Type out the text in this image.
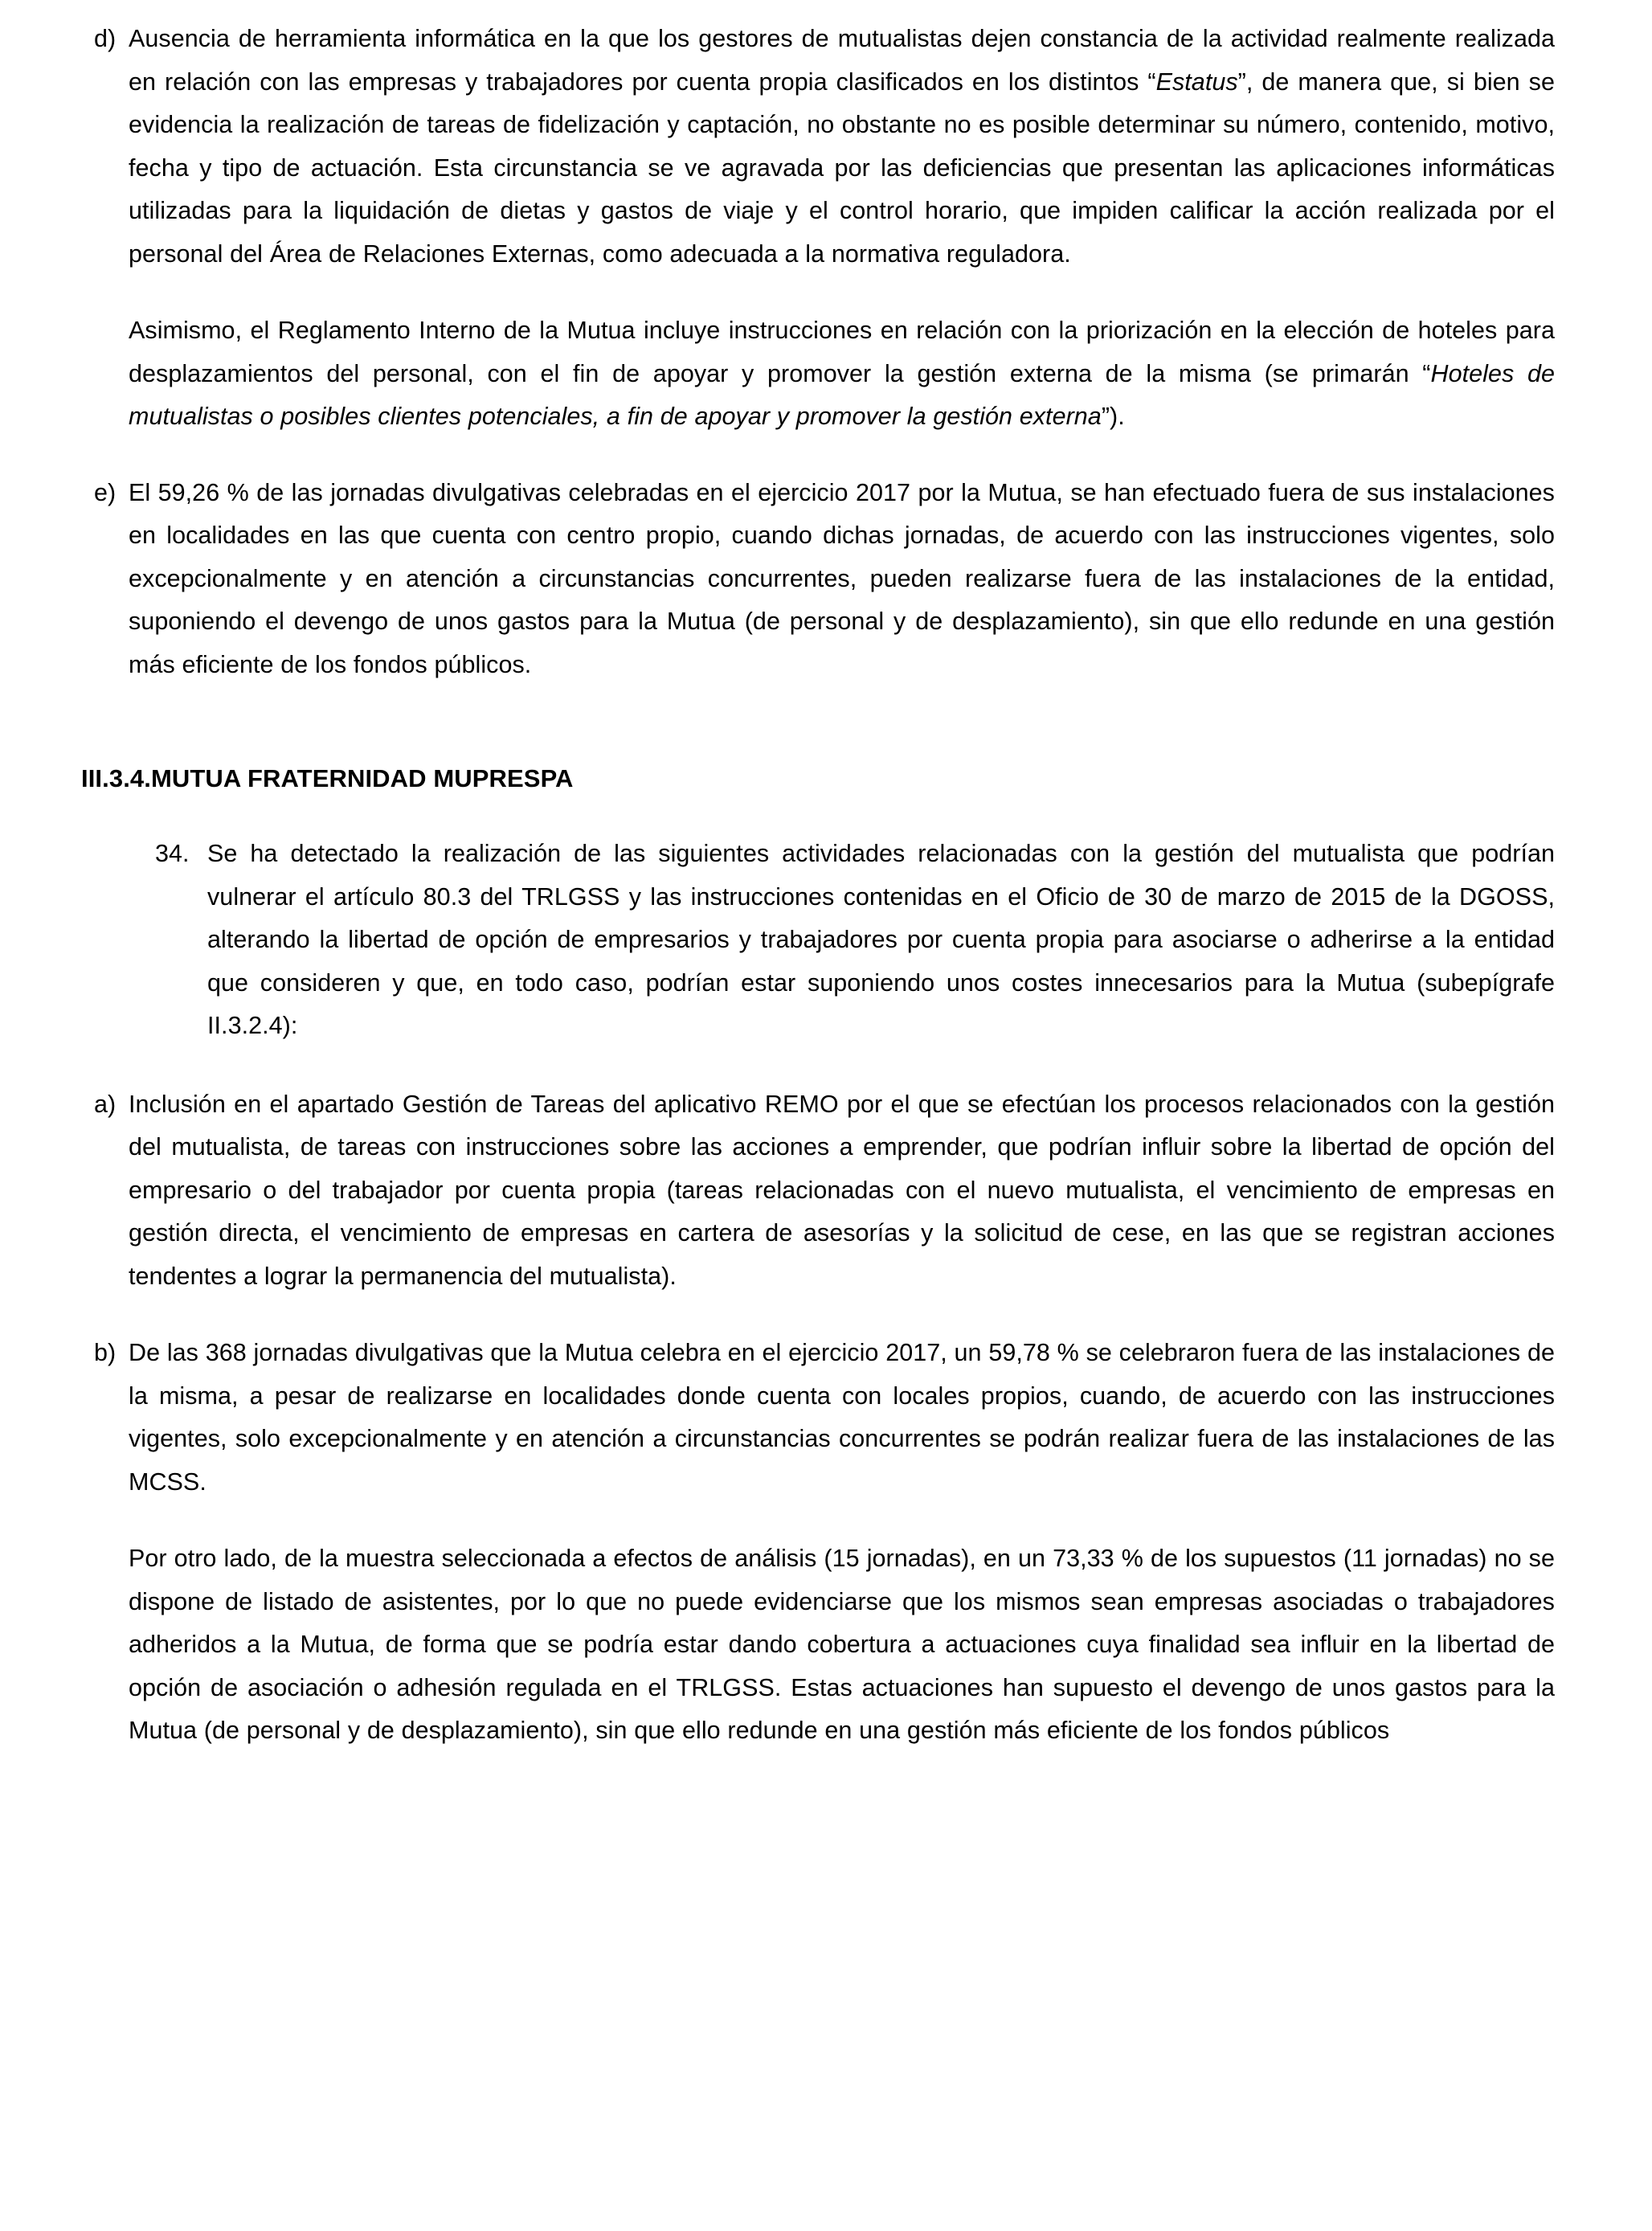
d) Ausencia de herramienta informática en la que los gestores de mutualistas dejen constancia de la actividad realmente realizada en relación con las empresas y trabajadores por cuenta propia clasificados en los distintos “Estatus”, de manera que, si bien se evidencia la realización de tareas de fidelización y captación, no obstante no es posible determinar su número, contenido, motivo, fecha y tipo de actuación. Esta circunstancia se ve agravada por las deficiencias que presentan las aplicaciones informáticas utilizadas para la liquidación de dietas y gastos de viaje y el control horario, que impiden calificar la acción realizada por el personal del Área de Relaciones Externas, como adecuada a la normativa reguladora.

Asimismo, el Reglamento Interno de la Mutua incluye instrucciones en relación con la priorización en la elección de hoteles para desplazamientos del personal, con el fin de apoyar y promover la gestión externa de la misma (se primarán “Hoteles de mutualistas o posibles clientes potenciales, a fin de apoyar y promover la gestión externa”).

e) El 59,26 % de las jornadas divulgativas celebradas en el ejercicio 2017 por la Mutua, se han efectuado fuera de sus instalaciones en localidades en las que cuenta con centro propio, cuando dichas jornadas, de acuerdo con las instrucciones vigentes, solo excepcionalmente y en atención a circunstancias concurrentes, pueden realizarse fuera de las instalaciones de la entidad, suponiendo el devengo de unos gastos para la Mutua (de personal y de desplazamiento), sin que ello redunde en una gestión más eficiente de los fondos públicos.

III.3.4.MUTUA FRATERNIDAD MUPRESPA
34. Se ha detectado la realización de las siguientes actividades relacionadas con la gestión del mutualista que podrían vulnerar el artículo 80.3 del TRLGSS y las instrucciones contenidas en el Oficio de 30 de marzo de 2015 de la DGOSS, alterando la libertad de opción de empresarios y trabajadores por cuenta propia para asociarse o adherirse a la entidad que consideren y que, en todo caso, podrían estar suponiendo unos costes innecesarios para la Mutua (subepígrafe II.3.2.4):

a) Inclusión en el apartado Gestión de Tareas del aplicativo REMO por el que se efectúan los procesos relacionados con la gestión del mutualista, de tareas con instrucciones sobre las acciones a emprender, que podrían influir sobre la libertad de opción del empresario o del trabajador por cuenta propia (tareas relacionadas con el nuevo mutualista, el vencimiento de empresas en gestión directa, el vencimiento de empresas en cartera de asesorías y la solicitud de cese, en las que se registran acciones tendentes a lograr la permanencia del mutualista).

b) De las 368 jornadas divulgativas que la Mutua celebra en el ejercicio 2017, un 59,78 % se celebraron fuera de las instalaciones de la misma, a pesar de realizarse en localidades donde cuenta con locales propios, cuando, de acuerdo con las instrucciones vigentes, solo excepcionalmente y en atención a circunstancias concurrentes se podrán realizar fuera de las instalaciones de las MCSS.

Por otro lado, de la muestra seleccionada a efectos de análisis (15 jornadas), en un 73,33 % de los supuestos (11 jornadas) no se dispone de listado de asistentes, por lo que no puede evidenciarse que los mismos sean empresas asociadas o trabajadores adheridos a la Mutua, de forma que se podría estar dando cobertura a actuaciones cuya finalidad sea influir en la libertad de opción de asociación o adhesión regulada en el TRLGSS. Estas actuaciones han supuesto el devengo de unos gastos para la Mutua (de personal y de desplazamiento), sin que ello redunde en una gestión más eficiente de los fondos públicos
